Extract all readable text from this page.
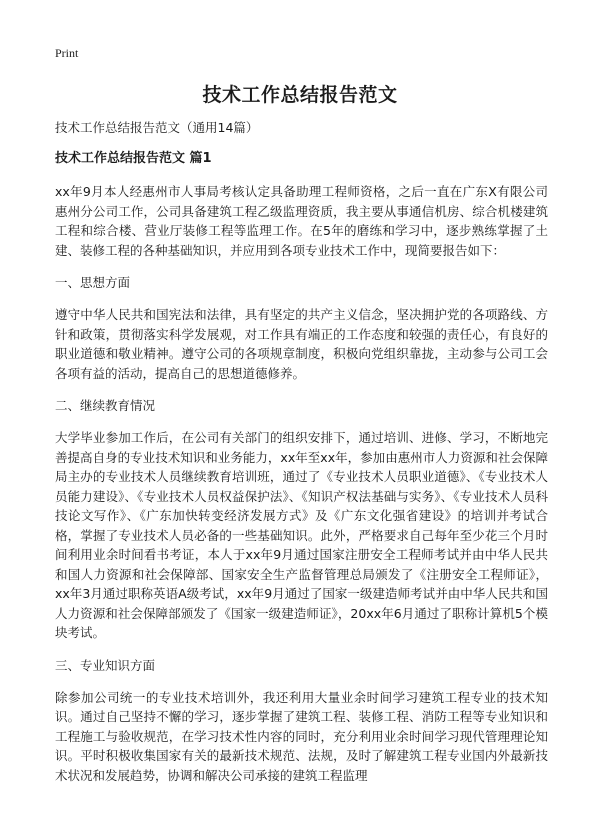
Print
技术工作总结报告范文

技术工作总结报告范文（通用14篇）

技术工作总结报告范文 篇1

xx年9月本人经惠州市人事局考核认定具备助理工程师资格，之后一直在广东X有限公司惠州分公司工作，公司具备建筑工程乙级监理资质，我主要从事通信机房、综合机楼建筑工程和综合楼、营业厅装修工程等监理工作。在5年的磨练和学习中，逐步熟练掌握了土建、装修工程的各种基础知识，并应用到各项专业技术工作中，现简要报告如下：

一、思想方面

遵守中华人民共和国宪法和法律，具有坚定的共产主义信念，坚决拥护党的各项路线、方针和政策，贯彻落实科学发展观，对工作具有端正的工作态度和较强的责任心，有良好的职业道德和敬业精神。遵守公司的各项规章制度，积极向党组织靠拢，主动参与公司工会各项有益的活动，提高自己的思想道德修养。

二、继续教育情况

大学毕业参加工作后，在公司有关部门的组织安排下，通过培训、进修、学习，不断地完善提高自身的专业技术知识和业务能力，xx年至xx年，参加由惠州市人力资源和社会保障局主办的专业技术人员继续教育培训班，通过了《专业技术人员职业道德》、《专业技术人员能力建设》、《专业技术人员权益保护法》、《知识产权法基础与实务》、《专业技术人员科技论文写作》、《广东加快转变经济发展方式》及《广东文化强省建设》的培训并考试合格，掌握了专业技术人员必备的一些基础知识。此外，严格要求自己每年至少花三个月时间利用业余时间看书考证，本人于xx年9月通过国家注册安全工程师考试并由中华人民共和国人力资源和社会保障部、国家安全生产监督管理总局颁发了《注册安全工程师证》，xx年3月通过职称英语A级考试，xx年9月通过了国家一级建造师考试并由中华人民共和国人力资源和社会保障部颁发了《国家一级建造师证》，20xx年6月通过了职称计算机5个模块考试。

三、专业知识方面

除参加公司统一的专业技术培训外，我还利用大量业余时间学习建筑工程专业的技术知识。通过自己坚持不懈的学习，逐步掌握了建筑工程、装修工程、消防工程等专业知识和工程施工与验收规范，在学习技术性内容的同时，充分利用业余时间学习现代管理理论知识。平时积极收集国家有关的最新技术规范、法规，及时了解建筑工程专业国内外最新技术状况和发展趋势，协调和解决公司承接的建筑工程监理
